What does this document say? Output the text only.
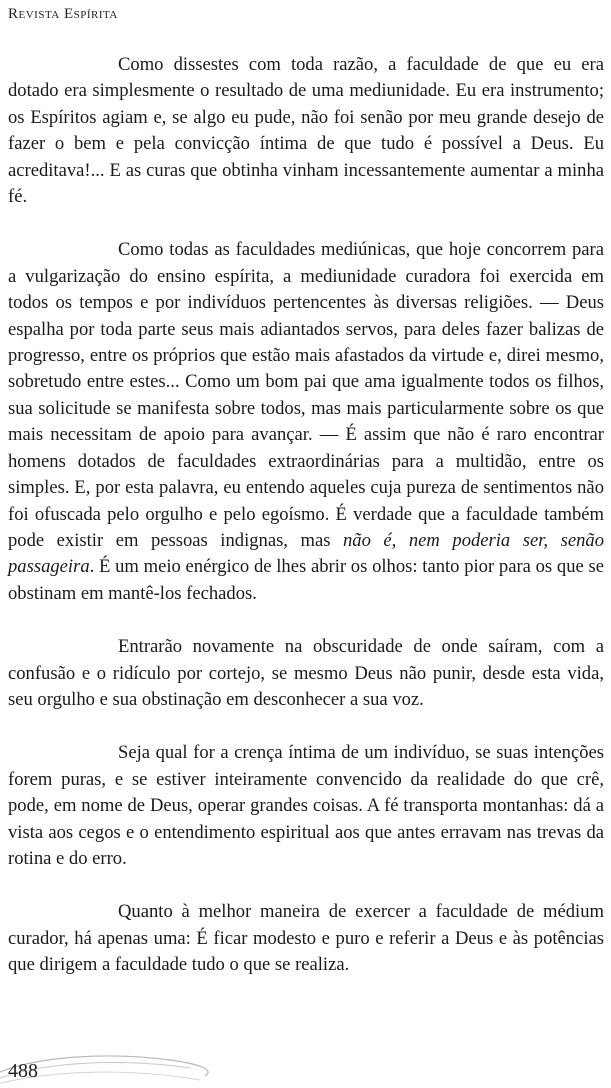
Revista Espírita

Como dissestes com toda razão, a faculdade de que eu era dotado era simplesmente o resultado de uma mediunidade. Eu era instrumento; os Espíritos agiam e, se algo eu pude, não foi senão por meu grande desejo de fazer o bem e pela convicção íntima de que tudo é possível a Deus. Eu acreditava!... E as curas que obtinha vinham incessantemente aumentar a minha fé.

Como todas as faculdades mediúnicas, que hoje concorrem para a vulgarização do ensino espírita, a mediunidade curadora foi exercida em todos os tempos e por indivíduos pertencentes às diversas religiões. — Deus espalha por toda parte seus mais adiantados servos, para deles fazer balizas de progresso, entre os próprios que estão mais afastados da virtude e, direi mesmo, sobretudo entre estes... Como um bom pai que ama igualmente todos os filhos, sua solicitude se manifesta sobre todos, mas mais particularmente sobre os que mais necessitam de apoio para avançar. — É assim que não é raro encontrar homens dotados de faculdades extraordinárias para a multidão, entre os simples. E, por esta palavra, eu entendo aqueles cuja pureza de sentimentos não foi ofuscada pelo orgulho e pelo egoísmo. É verdade que a faculdade também pode existir em pessoas indignas, mas não é, nem poderia ser, senão passageira. É um meio enérgico de lhes abrir os olhos: tanto pior para os que se obstinam em mantê-los fechados.

Entrarão novamente na obscuridade de onde saíram, com a confusão e o ridículo por cortejo, se mesmo Deus não punir, desde esta vida, seu orgulho e sua obstinação em desconhecer a sua voz.

Seja qual for a crença íntima de um indivíduo, se suas intenções forem puras, e se estiver inteiramente convencido da realidade do que crê, pode, em nome de Deus, operar grandes coisas. A fé transporta montanhas: dá a vista aos cegos e o entendimento espiritual aos que antes erravam nas trevas da rotina e do erro.

Quanto à melhor maneira de exercer a faculdade de médium curador, há apenas uma: É ficar modesto e puro e referir a Deus e às potências que dirigem a faculdade tudo o que se realiza.

488
